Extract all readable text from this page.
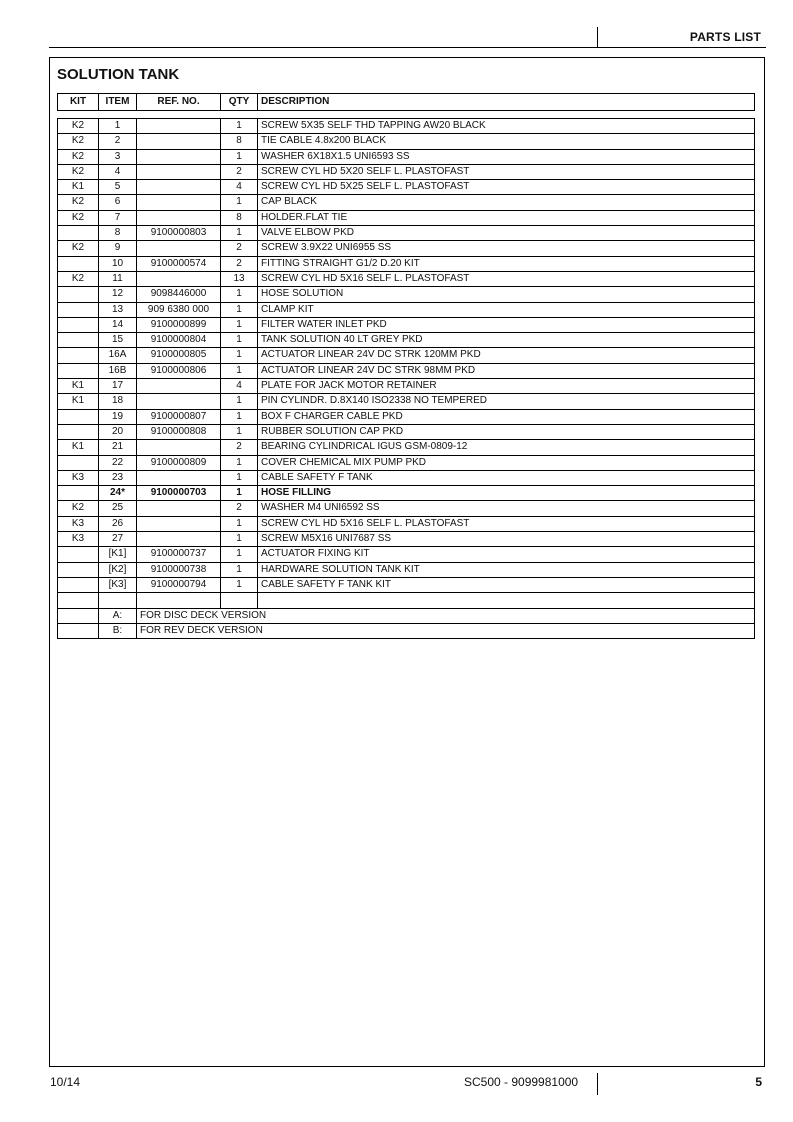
PARTS LIST
SOLUTION TANK
KIT	ITEM	REF. NO.	QTY	DESCRIPTION
K2	1		1	SCREW 5X35 SELF THD TAPPING AW20 BLACK
K2	2		8	TIE CABLE 4.8x200 BLACK
K2	3		1	WASHER 6X18X1.5 UNI6593 SS
K2	4		2	SCREW CYL HD 5X20 SELF L. PLASTOFAST
K1	5		4	SCREW CYL HD 5X25 SELF L. PLASTOFAST
K2	6		1	CAP BLACK
K2	7		8	HOLDER.FLAT TIE
	8	9100000803	1	VALVE ELBOW PKD
K2	9		2	SCREW 3.9X22 UNI6955 SS
	10	9100000574	2	FITTING STRAIGHT G1/2 D.20 KIT
K2	11		13	SCREW CYL HD 5X16 SELF L. PLASTOFAST
	12	9098446000	1	HOSE SOLUTION
	13	909 6380 000	1	CLAMP KIT
	14	9100000899	1	FILTER WATER INLET PKD
	15	9100000804	1	TANK SOLUTION 40 LT GREY PKD
	16A	9100000805	1	ACTUATOR LINEAR 24V DC STRK 120MM PKD
	16B	9100000806	1	ACTUATOR LINEAR 24V DC STRK 98MM PKD
K1	17		4	PLATE FOR JACK MOTOR RETAINER
K1	18		1	PIN CYLINDR. D.8X140 ISO2338 NO TEMPERED
	19	9100000807	1	BOX F CHARGER CABLE PKD
	20	9100000808	1	RUBBER SOLUTION CAP PKD
K1	21		2	BEARING CYLINDRICAL IGUS GSM-0809-12
	22	9100000809	1	COVER CHEMICAL MIX PUMP PKD
K3	23		1	CABLE SAFETY F TANK
	24*	9100000703	1	HOSE FILLING
K2	25		2	WASHER M4 UNI6592 SS
K3	26		1	SCREW CYL HD 5X16 SELF L. PLASTOFAST
K3	27		1	SCREW M5X16 UNI7687 SS
	[K1]	9100000737	1	ACTUATOR FIXING KIT
	[K2]	9100000738	1	HARDWARE SOLUTION TANK KIT
	[K3]	9100000794	1	CABLE SAFETY F TANK KIT

	A:	FOR DISC DECK VERSION		
	B:	FOR REV DECK VERSION		
10/14	SC500 - 9099981000	5
